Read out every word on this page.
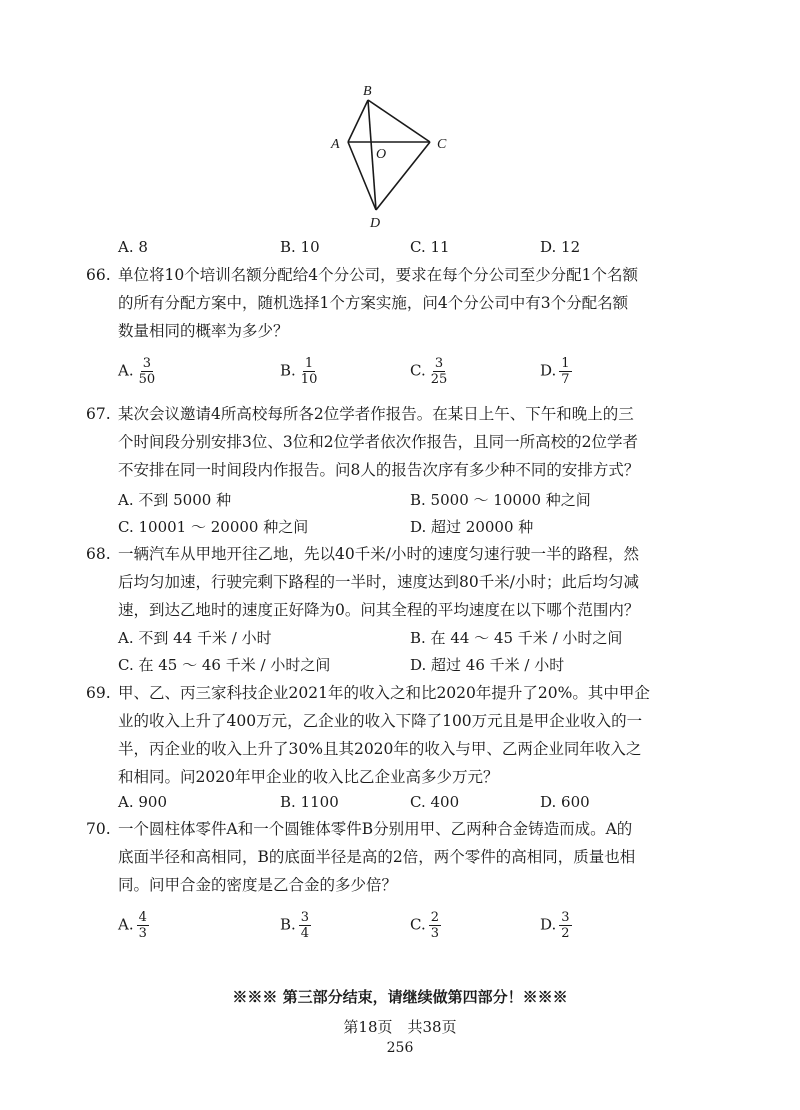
B
A
O
C
D
A. 8	B. 10	C. 11	D. 12
66. 单位将10个培训名额分配给4个分公司，要求在每个分公司至少分配1个名额
的所有分配方案中，随机选择1个方案实施，问4个分公司中有3个分配名额
数量相同的概率为多少？
A. $\frac{3}{50}$	B. $\frac{1}{10}$	C. $\frac{3}{25}$	D. $\frac{1}{7}$
67. 某次会议邀请4所高校每所各2位学者作报告。在某日上午、下午和晚上的三
个时间段分别安排3位、3位和2位学者依次作报告，且同一所高校的2位学者
不安排在同一时间段内作报告。问8人的报告次序有多少种不同的安排方式？
A. 不到 5000 种	B. 5000 ～ 10000 种之间
C. 10001 ～ 20000 种之间	D. 超过 20000 种
68. 一辆汽车从甲地开往乙地，先以40千米/小时的速度匀速行驶一半的路程，然
后均匀加速，行驶完剩下路程的一半时，速度达到80千米/小时；此后均匀减
速，到达乙地时的速度正好降为0。问其全程的平均速度在以下哪个范围内？
A. 不到 44 千米 / 小时	B. 在 44 ～ 45 千米 / 小时之间
C. 在 45 ～ 46 千米 / 小时之间	D. 超过 46 千米 / 小时
69. 甲、乙、丙三家科技企业2021年的收入之和比2020年提升了20%。其中甲企
业的收入上升了400万元，乙企业的收入下降了100万元且是甲企业收入的一
半，丙企业的收入上升了30%且其2020年的收入与甲、乙两企业同年收入之
和相同。问2020年甲企业的收入比乙企业高多少万元？
A. 900	B. 1100	C. 400	D. 600
70. 一个圆柱体零件A和一个圆锥体零件B分别用甲、乙两种合金铸造而成。A的
底面半径和高相同，B的底面半径是高的2倍，两个零件的高相同，质量也相
同。问甲合金的密度是乙合金的多少倍？
A. $\frac{4}{3}$	B. $\frac{3}{4}$	C. $\frac{2}{3}$	D. $\frac{3}{2}$
※※※ 第三部分结束，请继续做第四部分！※※※
第18页　共38页
256
